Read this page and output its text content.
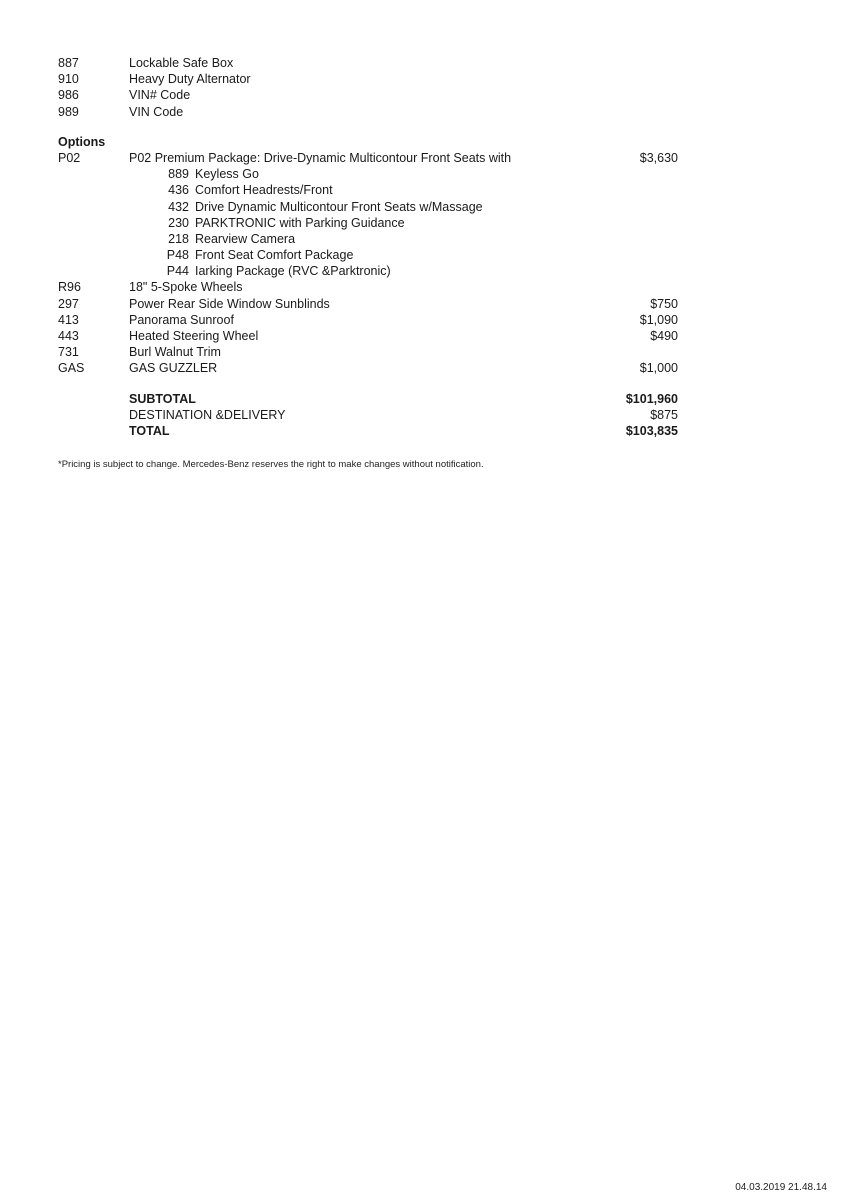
887	Lockable Safe Box
910	Heavy Duty Alternator
986	VIN# Code
989	VIN Code
Options
P02	P02 Premium Package: Drive-Dynamic Multicontour Front Seats with	$3,630
889 Keyless Go
436 Comfort Headrests/Front
432 Drive Dynamic Multicontour Front Seats w/Massage
230 PARKTRONIC with Parking Guidance
218 Rearview Camera
P48 Front Seat Comfort Package
P44 Iarking Package (RVC &Parktronic)
R96	18" 5-Spoke Wheels
297	Power Rear Side Window Sunblinds	$750
413	Panorama Sunroof	$1,090
443	Heated Steering Wheel	$490
731	Burl Walnut Trim
GAS	GAS GUZZLER	$1,000
SUBTOTAL	$101,960
DESTINATION &DELIVERY	$875
TOTAL	$103,835
*Pricing is subject to change. Mercedes-Benz reserves the right to make changes without notification.
04.03.2019 21.48.14
